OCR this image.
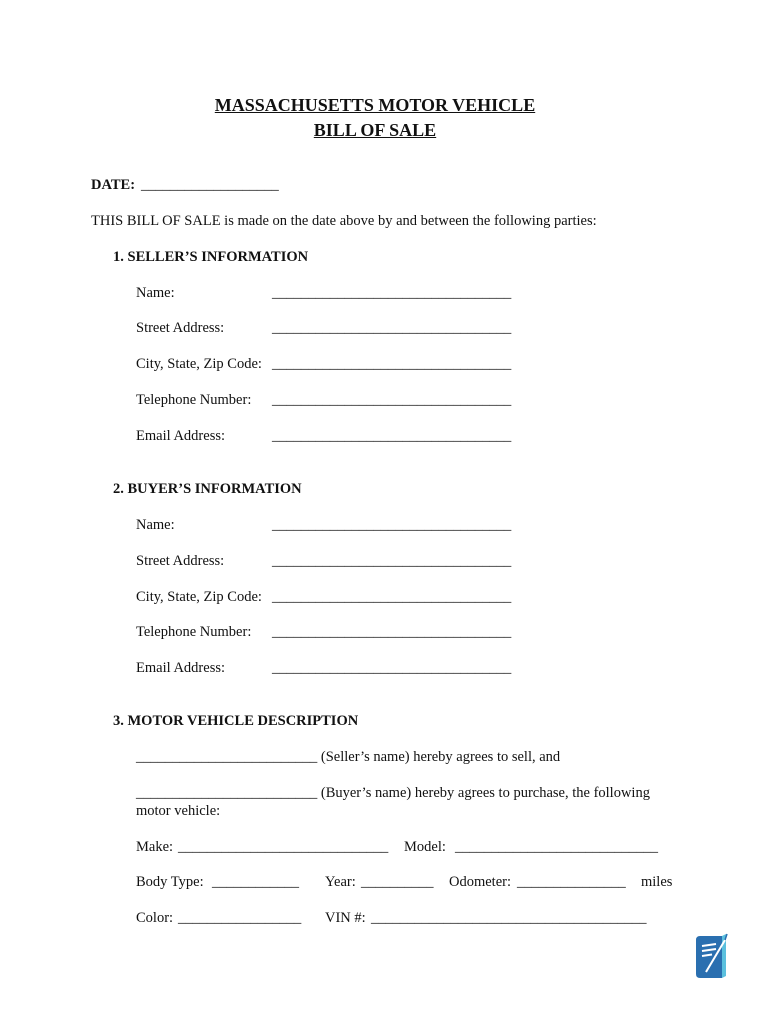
MASSACHUSETTS MOTOR VEHICLE
BILL OF SALE
DATE: ___________________
THIS BILL OF SALE is made on the date above by and between the following parties:
1. SELLER’S INFORMATION
Name:	_________________________________
Street Address:	_________________________________
City, State, Zip Code: _________________________________
Telephone Number: _________________________________
Email Address:	_________________________________
2. BUYER’S INFORMATION
Name:	_________________________________
Street Address:	_________________________________
City, State, Zip Code: _________________________________
Telephone Number: _________________________________
Email Address:	_________________________________
3. MOTOR VEHICLE DESCRIPTION
_________________________ (Seller’s name) hereby agrees to sell, and
_________________________ (Buyer’s name) hereby agrees to purchase, the following
motor vehicle:
Make: _____________________________ Model: ____________________________
Body Type: ____________ Year: __________ Odometer: _______________ miles
Color: _________________ VIN #: ______________________________________
